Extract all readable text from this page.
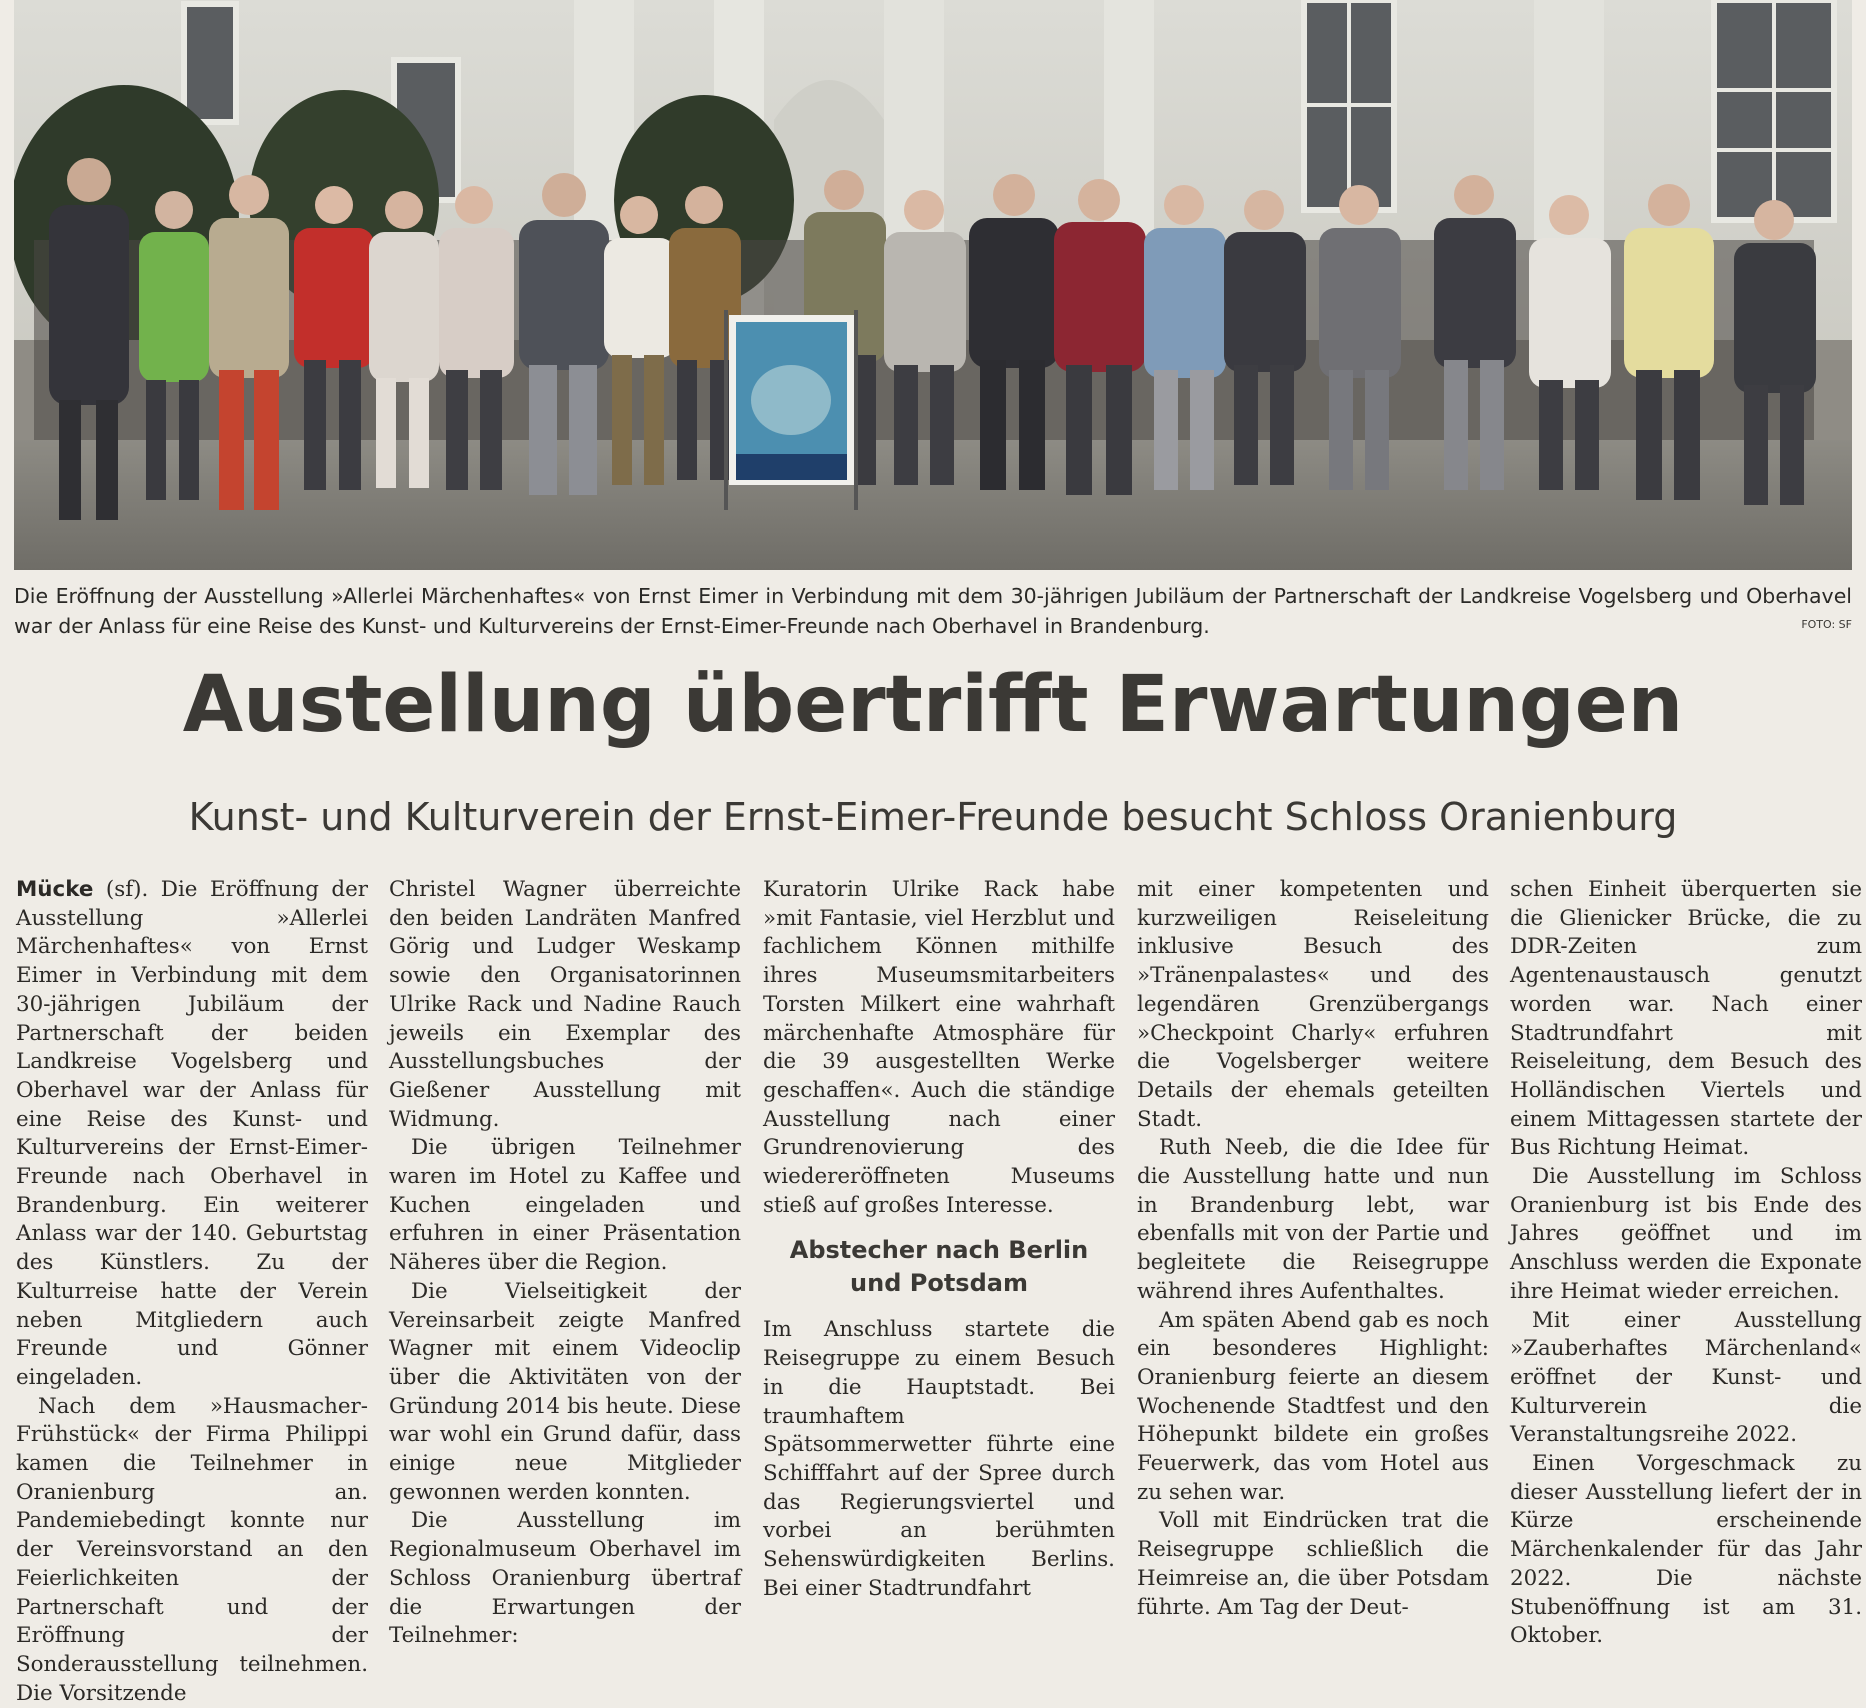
Die Eröffnung der Ausstellung »Allerlei Märchenhaftes« von Ernst Eimer in Verbindung mit dem 30-jährigen Jubiläum der Partnerschaft der Landkreise Vogelsberg und Oberhavel war der Anlass für eine Reise des Kunst- und Kulturvereins der Ernst-Eimer-Freunde nach Oberhavel in Brandenburg.	FOTO: SF
Austellung übertrifft Erwartungen
Kunst- und Kulturverein der Ernst-Eimer-Freunde besucht Schloss Oranienburg

Mücke (sf). Die Eröffnung der Ausstellung »Allerlei Märchenhaftes« von Ernst Eimer in Verbindung mit dem 30-jährigen Jubiläum der Partnerschaft der beiden Landkreise Vogelsberg und Oberhavel war der Anlass für eine Reise des Kunst- und Kulturvereins der Ernst-Eimer-Freunde nach Oberhavel in Brandenburg. Ein weiterer Anlass war der 140. Geburtstag des Künstlers. Zu der Kulturreise hatte der Verein neben Mitgliedern auch Freunde und Gönner eingeladen.

Nach dem »Hausmacher-Frühstück« der Firma Philippi kamen die Teilnehmer in Oranienburg an. Pandemiebedingt konnte nur der Vereinsvorstand an den Feierlichkeiten der Partnerschaft und der Eröffnung der Sonderausstellung teilnehmen. Die Vorsitzende

Christel Wagner überreichte den beiden Landräten Manfred Görig und Ludger Weskamp sowie den Organisatorinnen Ulrike Rack und Nadine Rauch jeweils ein Exemplar des Ausstellungsbuches der Gießener Ausstellung mit Widmung.

Die übrigen Teilnehmer waren im Hotel zu Kaffee und Kuchen eingeladen und erfuhren in einer Präsentation Näheres über die Region.

Die Vielseitigkeit der Vereinsarbeit zeigte Manfred Wagner mit einem Videoclip über die Aktivitäten von der Gründung 2014 bis heute. Diese war wohl ein Grund dafür, dass einige neue Mitglieder gewonnen werden konnten.

Die Ausstellung im Regionalmuseum Oberhavel im Schloss Oranienburg übertraf die Erwartungen der Teilnehmer:

Kuratorin Ulrike Rack habe »mit Fantasie, viel Herzblut und fachlichem Können mithilfe ihres Museumsmitarbeiters Torsten Milkert eine wahrhaft märchenhafte Atmosphäre für die 39 ausgestellten Werke geschaffen«. Auch die ständige Ausstellung nach einer Grundrenovierung des wiedereröffneten Museums stieß auf großes Interesse.

Abstecher nach Berlin und Potsdam

Im Anschluss startete die Reisegruppe zu einem Besuch in die Hauptstadt. Bei traumhaftem Spätsommerwetter führte eine Schifffahrt auf der Spree durch das Regierungsviertel und vorbei an berühmten Sehenswürdigkeiten Berlins. Bei einer Stadtrundfahrt

mit einer kompetenten und kurzweiligen Reiseleitung inklusive Besuch des »Tränenpalastes« und des legendären Grenzübergangs »Checkpoint Charly« erfuhren die Vogelsberger weitere Details der ehemals geteilten Stadt.

Ruth Neeb, die die Idee für die Ausstellung hatte und nun in Brandenburg lebt, war ebenfalls mit von der Partie und begleitete die Reisegruppe während ihres Aufenthaltes.

Am späten Abend gab es noch ein besonderes Highlight: Oranienburg feierte an diesem Wochenende Stadtfest und den Höhepunkt bildete ein großes Feuerwerk, das vom Hotel aus zu sehen war.

Voll mit Eindrücken trat die Reisegruppe schließlich die Heimreise an, die über Potsdam führte. Am Tag der Deut-

schen Einheit überquerten sie die Glienicker Brücke, die zu DDR-Zeiten zum Agentenaustausch genutzt worden war. Nach einer Stadtrundfahrt mit Reiseleitung, dem Besuch des Holländischen Viertels und einem Mittagessen startete der Bus Richtung Heimat.

Die Ausstellung im Schloss Oranienburg ist bis Ende des Jahres geöffnet und im Anschluss werden die Exponate ihre Heimat wieder erreichen.

Mit einer Ausstellung »Zauberhaftes Märchenland« eröffnet der Kunst- und Kulturverein die Veranstaltungsreihe 2022.

Einen Vorgeschmack zu dieser Ausstellung liefert der in Kürze erscheinende Märchenkalender für das Jahr 2022. Die nächste Stubenöffnung ist am 31. Oktober.
